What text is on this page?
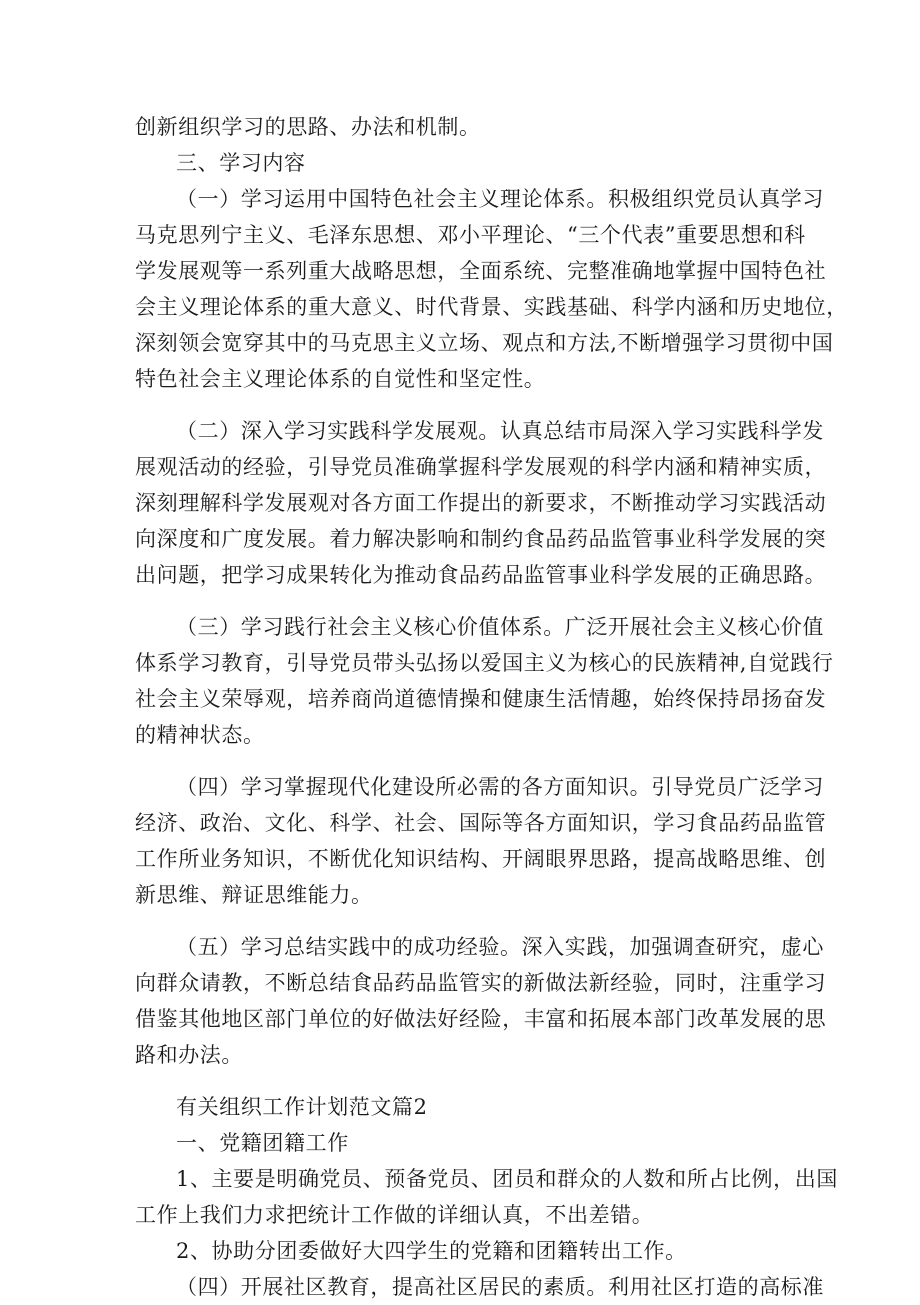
创新组织学习的思路、办法和机制。
三、学习内容
（一）学习运用中国特色社会主义理论体系。积极组织党员认真学习
马克思列宁主义、毛泽东思想、邓小平理论、“三个代表”重要思想和科
学发展观等一系列重大战略思想，全面系统、完整准确地掌握中国特色社
会主义理论体系的重大意义、时代背景、实践基础、科学内涵和历史地位，
深刻领会宽穿其中的马克思主义立场、观点和方法,不断增强学习贯彻中国
特色社会主义理论体系的自觉性和坚定性。
（二）深入学习实践科学发展观。认真总结市局深入学习实践科学发
展观活动的经验，引导党员准确掌握科学发展观的科学内涵和精神实质，
深刻理解科学发展观对各方面工作提出的新要求，不断推动学习实践活动
向深度和广度发展。着力解决影响和制约食品药品监管事业科学发展的突
出问题，把学习成果转化为推动食品药品监管事业科学发展的正确思路。
（三）学习践行社会主义核心价值体系。广泛开展社会主义核心价值
体系学习教育，引导党员带头弘扬以爱国主义为核心的民族精神,自觉践行
社会主义荣辱观，培养商尚道德情操和健康生活情趣，始终保持昂扬奋发
的精神状态。
（四）学习掌握现代化建设所必需的各方面知识。引导党员广泛学习
经济、政治、文化、科学、社会、国际等各方面知识，学习食品药品监管
工作所业务知识，不断优化知识结构、开阔眼界思路，提高战略思维、创
新思维、辩证思维能力。
（五）学习总结实践中的成功经验。深入实践，加强调查研究，虚心
向群众请教，不断总结食品药品监管实的新做法新经验，同时，注重学习
借鉴其他地区部门单位的好做法好经险，丰富和拓展本部门改革发展的思
路和办法。
有关组织工作计划范文篇2
一、党籍团籍工作
1、主要是明确党员、预备党员、团员和群众的人数和所占比例，出国
工作上我们力求把统计工作做的详细认真，不出差错。
2、协助分团委做好大四学生的党籍和团籍转出工作。
（四）开展社区教育，提高社区居民的素质。利用社区打造的高标准
